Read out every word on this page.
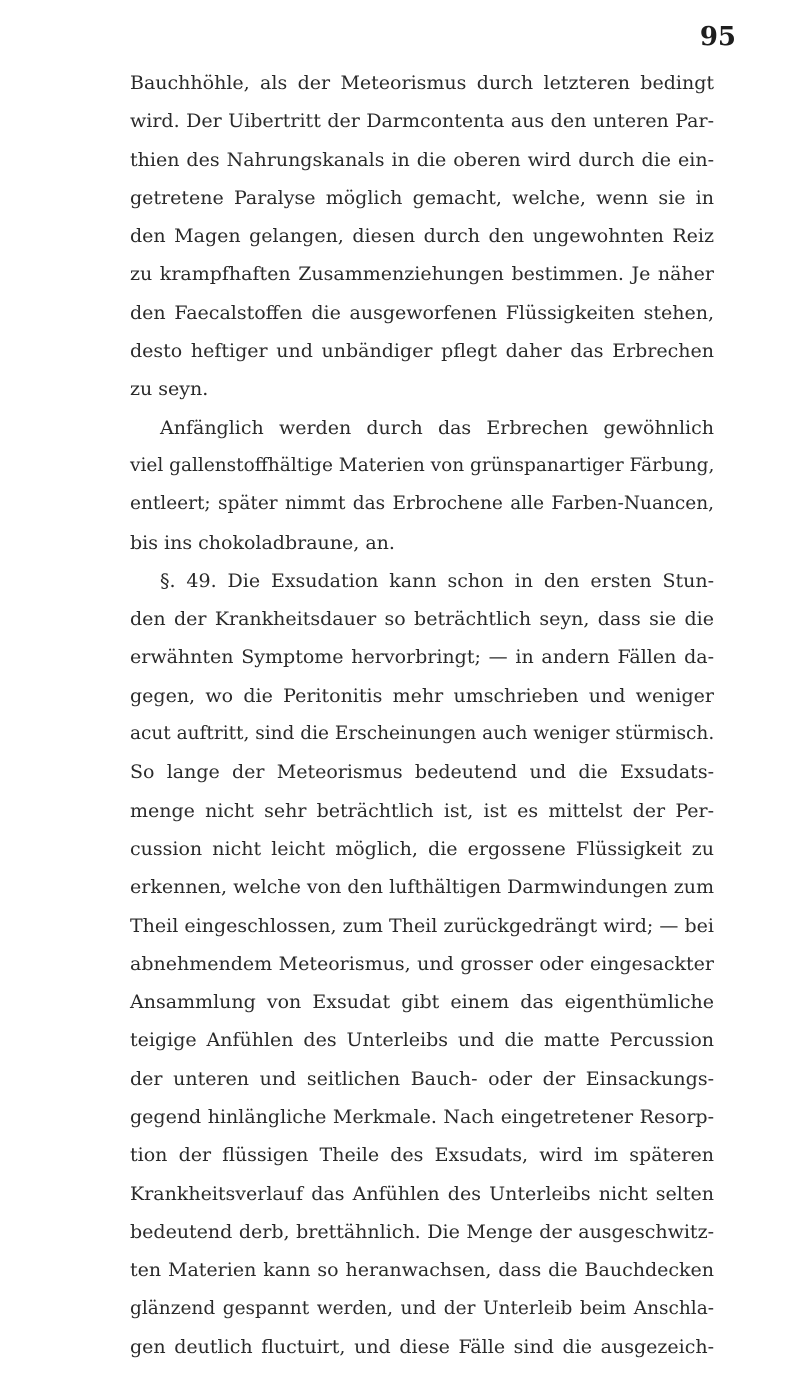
95
Bauchhöhle, als der Meteorismus durch letzteren bedingt
wird. Der Uibertritt der Darmcontenta aus den unteren Par-
thien des Nahrungskanals in die oberen wird durch die ein-
getretene Paralyse möglich gemacht, welche, wenn sie in
den Magen gelangen, diesen durch den ungewohnten Reiz
zu krampfhaften Zusammenziehungen bestimmen. Je näher
den Faecalstoffen die ausgeworfenen Flüssigkeiten stehen,
desto heftiger und unbändiger pflegt daher das Erbrechen
zu seyn.
Anfänglich werden durch das Erbrechen gewöhnlich
viel gallenstoffhältige Materien von grünspanartiger Färbung,
entleert; später nimmt das Erbrochene alle Farben-Nuancen,
bis ins chokoladbraune, an.
§. 49. Die Exsudation kann schon in den ersten Stun-
den der Krankheitsdauer so beträchtlich seyn, dass sie die
erwähnten Symptome hervorbringt; — in andern Fällen da-
gegen, wo die Peritonitis mehr umschrieben und weniger
acut auftritt, sind die Erscheinungen auch weniger stürmisch.
So lange der Meteorismus bedeutend und die Exsudats-
menge nicht sehr beträchtlich ist, ist es mittelst der Per-
cussion nicht leicht möglich, die ergossene Flüssigkeit zu
erkennen, welche von den lufthältigen Darmwindungen zum
Theil eingeschlossen, zum Theil zurückgedrängt wird; — bei
abnehmendem Meteorismus, und grosser oder eingesackter
Ansammlung von Exsudat gibt einem das eigenthümliche
teigige Anfühlen des Unterleibs und die matte Percussion
der unteren und seitlichen Bauch- oder der Einsackungs-
gegend hinlängliche Merkmale. Nach eingetretener Resorp-
tion der flüssigen Theile des Exsudats, wird im späteren
Krankheitsverlauf das Anfühlen des Unterleibs nicht selten
bedeutend derb, brettähnlich. Die Menge der ausgeschwitz-
ten Materien kann so heranwachsen, dass die Bauchdecken
glänzend gespannt werden, und der Unterleib beim Anschla-
gen deutlich fluctuirt, und diese Fälle sind die ausgezeich-
